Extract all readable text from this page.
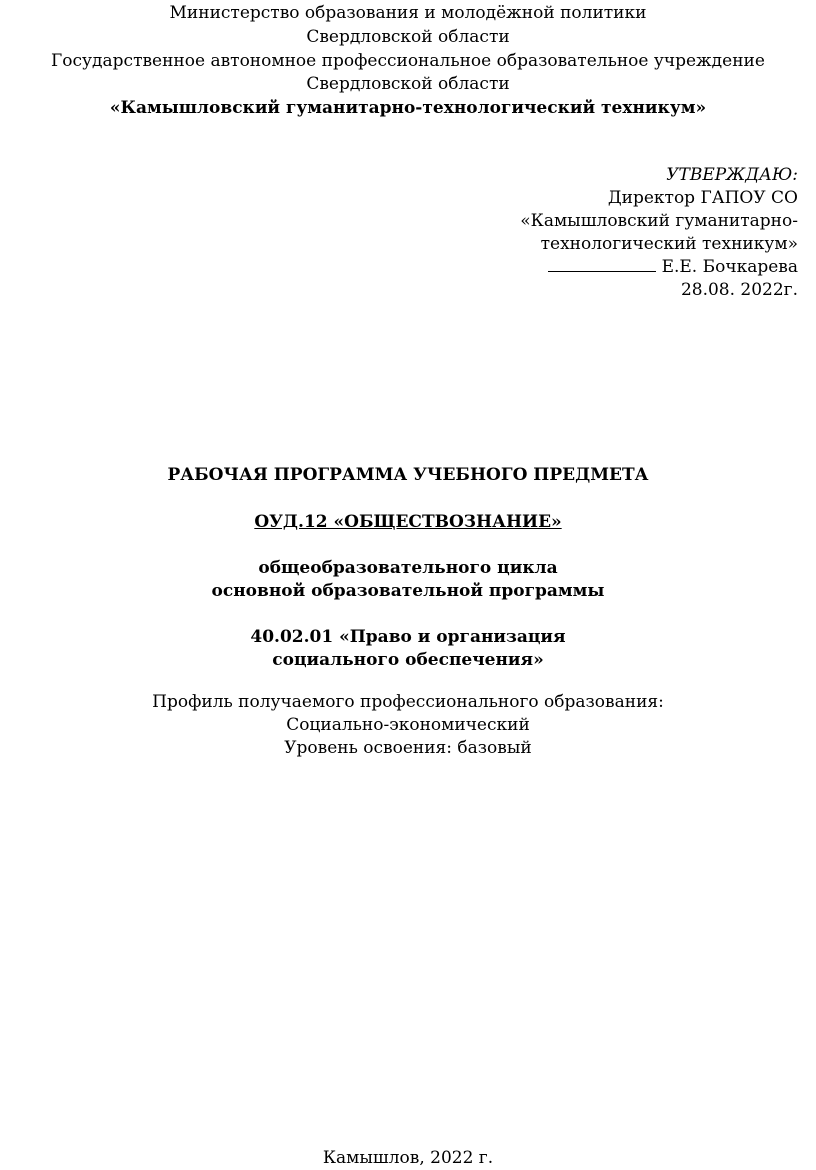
Министерство образования и молодёжной политики
Свердловской области
Государственное автономное профессиональное образовательное учреждение
Свердловской области
«Камышловский гуманитарно-технологический техникум»
УТВЕРЖДАЮ:
Директор ГАПОУ СО
«Камышловский гуманитарно-
технологический техникум»
Е.Е. Бочкарева
28.08. 2022г.
РАБОЧАЯ ПРОГРАММА УЧЕБНОГО ПРЕДМЕТА
ОУД.12 «ОБЩЕСТВОЗНАНИЕ»
общеобразовательного цикла
основной образовательной программы
40.02.01 «Право и организация
социального обеспечения»
Профиль получаемого профессионального образования:
Социально-экономический
Уровень освоения: базовый
Камышлов, 2022 г.
